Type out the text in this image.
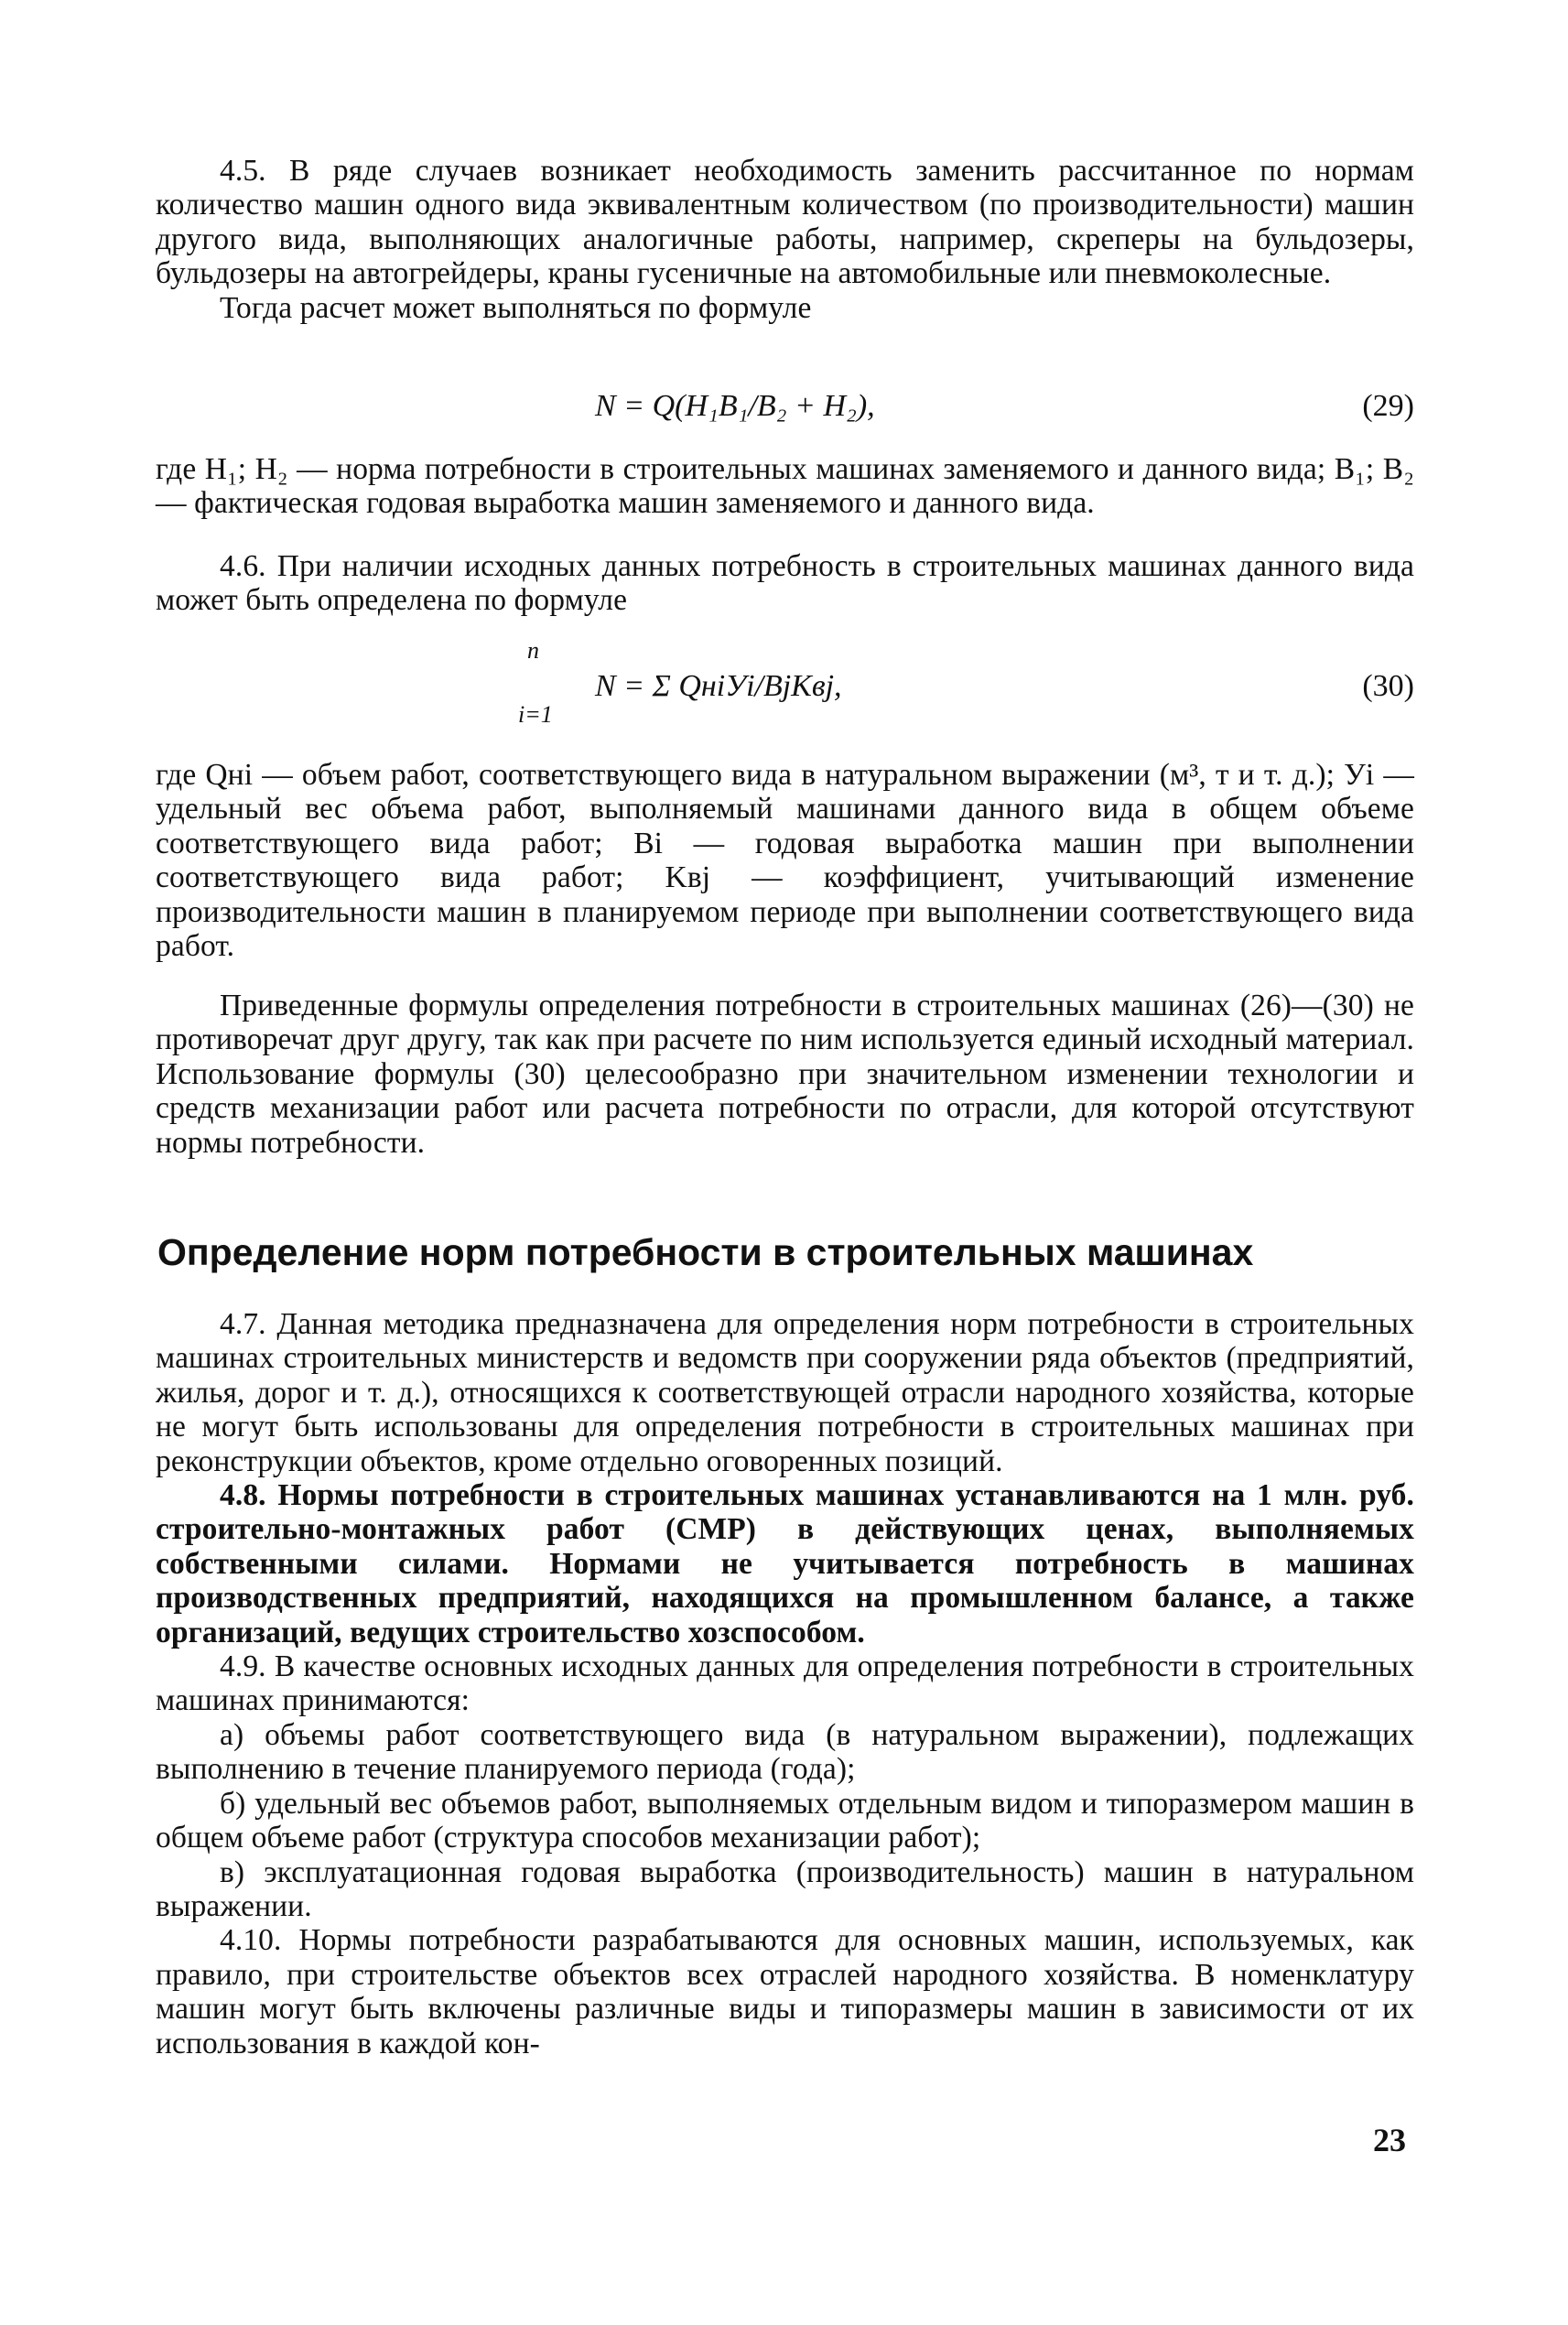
4.5. В ряде случаев возникает необходимость заменить рассчитанное по нормам количество машин одного вида эквивалентным количеством (по производительности) машин другого вида, выполняющих аналогичные работы, например, скреперы на бульдозеры, бульдозеры на автогрейдеры, краны гусеничные на автомобильные или пневмоколесные.

Тогда расчет может выполняться по формуле

N = Q(H₁B₁/B₂ + H₂),	(29)

где H₁; H₂ — норма потребности в строительных машинах заменяемого и данного вида; B₁; B₂ — фактическая годовая выработка машин заменяемого и данного вида.

4.6. При наличии исходных данных потребность в строительных машинах данного вида может быть определена по формуле

n
N = Σ QнiУi/BjKвj,	(30)
i=1

где Qнi — объем работ, соответствующего вида в натуральном выражении (м³, т и т. д.); Уi — удельный вес объема работ, выполняемый машинами данного вида в общем объеме соответствующего вида работ; Bi — годовая выработка машин при выполнении соответствующего вида работ; Kвj — коэффициент, учитывающий изменение производительности машин в планируемом периоде при выполнении соответствующего вида работ.

Приведенные формулы определения потребности в строительных машинах (26)—(30) не противоречат друг другу, так как при расчете по ним используется единый исходный материал. Использование формулы (30) целесообразно при значительном изменении технологии и средств механизации работ или расчета потребности по отрасли, для которой отсутствуют нормы потребности.

Определение норм потребности в строительных машинах

4.7. Данная методика предназначена для определения норм потребности в строительных машинах строительных министерств и ведомств при сооружении ряда объектов (предприятий, жилья, дорог и т. д.), относящихся к соответствующей отрасли народного хозяйства, которые не могут быть использованы для определения потребности в строительных машинах при реконструкции объектов, кроме отдельно оговоренных позиций.

4.8. Нормы потребности в строительных машинах устанавливаются на 1 млн. руб. строительно-монтажных работ (СМР) в действующих ценах, выполняемых собственными силами. Нормами не учитывается потребность в машинах производственных предприятий, находящихся на промышленном балансе, а также организаций, ведущих строительство хозспособом.

4.9. В качестве основных исходных данных для определения потребности в строительных машинах принимаются:

а) объемы работ соответствующего вида (в натуральном выражении), подлежащих выполнению в течение планируемого периода (года);

б) удельный вес объемов работ, выполняемых отдельным видом и типоразмером машин в общем объеме работ (структура способов механизации работ);

в) эксплуатационная годовая выработка (производительность) машин в натуральном выражении.

4.10. Нормы потребности разрабатываются для основных машин, используемых, как правило, при строительстве объектов всех отраслей народного хозяйства. В номенклатуру машин могут быть включены различные виды и типоразмеры машин в зависимости от их использования в каждой кон-

23
